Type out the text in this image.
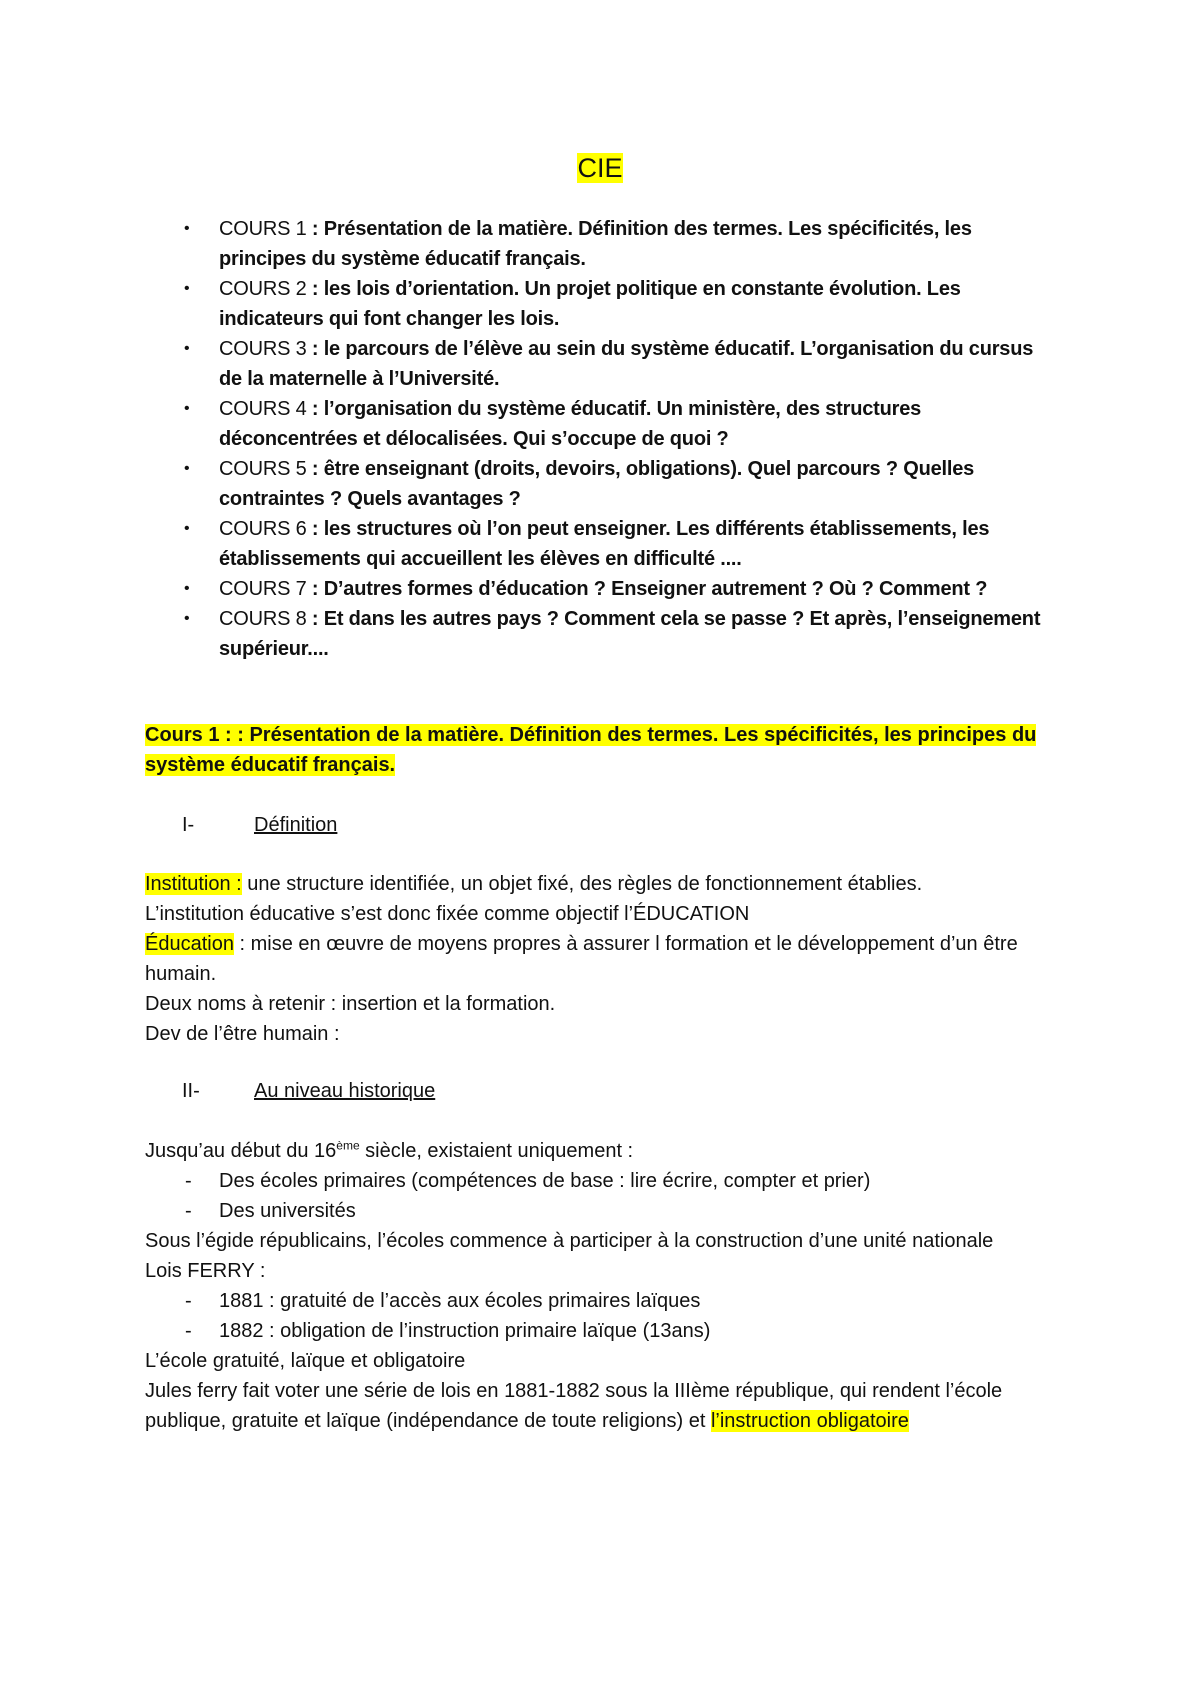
CIE
• COURS 1 : Présentation de la matière. Définition des termes. Les spécificités, les principes du système éducatif français.
• COURS 2 : les lois d’orientation. Un projet politique en constante évolution. Les indicateurs qui font changer les lois.
• COURS 3 : le parcours de l’élève au sein du système éducatif. L’organisation du cursus de la maternelle à l’Université.
• COURS 4 : l’organisation du système éducatif. Un ministère, des structures déconcentrées et délocalisées. Qui s’occupe de quoi ?
• COURS 5 : être enseignant (droits, devoirs, obligations). Quel parcours ? Quelles contraintes ? Quels avantages ?
• COURS 6 : les structures où l’on peut enseigner. Les différents établissements, les établissements qui accueillent les élèves en difficulté ....
• COURS 7 : D’autres formes d’éducation ? Enseigner autrement ? Où ? Comment ?
• COURS 8 : Et dans les autres pays ? Comment cela se passe ? Et après, l’enseignement supérieur....
Cours 1 : : Présentation de la matière. Définition des termes. Les spécificités, les principes du système éducatif français.
I-	Définition

Institution : une structure identifiée, un objet fixé, des règles de fonctionnement établies.

L’institution éducative s’est donc fixée comme objectif l’ÉDUCATION

Éducation : mise en œuvre de moyens propres à assurer l formation et le développement d’un être humain.

Deux noms à retenir : insertion et la formation.

Dev de l’être humain :

II-	Au niveau historique

Jusqu’au début du 16ème siècle, existaient uniquement :

- Des écoles primaires (compétences de base : lire écrire, compter et prier)
- Des universités

Sous l’égide républicains, l’écoles commence à participer à la construction d’une unité nationale

Lois FERRY :

- 1881 : gratuité de l’accès aux écoles primaires laïques
- 1882 : obligation de l’instruction primaire laïque (13ans)

L’école gratuité, laïque et obligatoire

Jules ferry fait voter une série de lois en 1881-1882 sous la IIIème république, qui rendent l’école publique, gratuite et laïque (indépendance de toute religions) et l’instruction obligatoire
